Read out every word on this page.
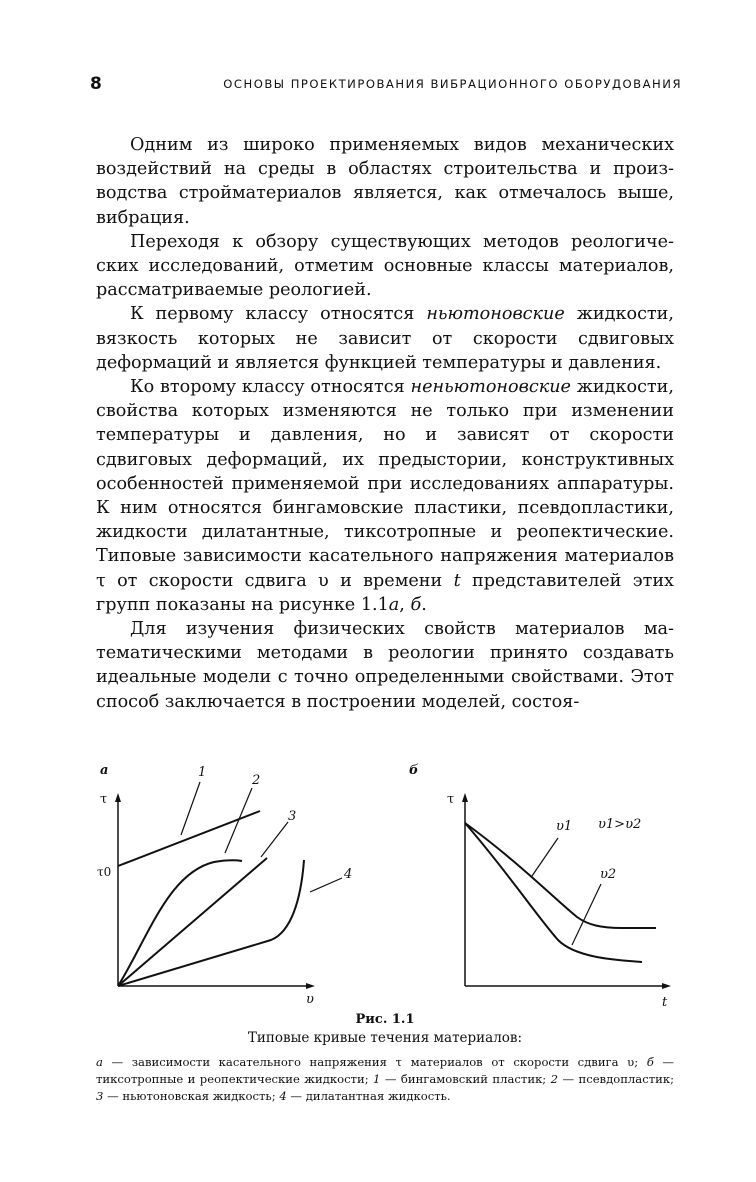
8	ОСНОВЫ ПРОЕКТИРОВАНИЯ ВИБРАЦИОННОГО ОБОРУДОВАНИЯ

Одним из широко применяемых видов механических воздействий на среды в областях строительства и производства стройматериалов является, как отмечалось выше, вибрация.

Переходя к обзору существующих методов реологических исследований, отметим основные классы материалов, рассматриваемые реологией.

К первому классу относятся ньютоновские жидкости, вязкость которых не зависит от скорости сдвиговых деформаций и является функцией температуры и давления.

Ко второму классу относятся неньютоновские жидкости, свойства которых изменяются не только при изменении температуры и давления, но и зависят от скорости сдвиговых деформаций, их предыстории, конструктивных особенностей применяемой при исследованиях аппаратуры. К ним относятся бингамовские пластики, псевдопластики, жидкости дилатантные, тиксотропные и реопектические. Типовые зависимости касательного напряжения материалов τ от скорости сдвига υ и времени t представителей этих групп показаны на рисунке 1.1а, б.

Для изучения физических свойств материалов математическими методами в реологии принято создавать идеальные модели с точно определенными свойствами. Этот способ заключается в построении моделей, состоя-

а
τ
υ
τ0
1
2
3
4
б
τ
t
υ1
υ2
υ1>υ2
Рис. 1.1
Типовые кривые течения материалов:
а — зависимости касательного напряжения τ материалов от скорости сдвига υ; б — тиксотропные и реопектические жидкости; 1 — бингамовский пластик; 2 — псевдопластик; 3 — ньютоновская жидкость; 4 — дилатантная жидкость.
